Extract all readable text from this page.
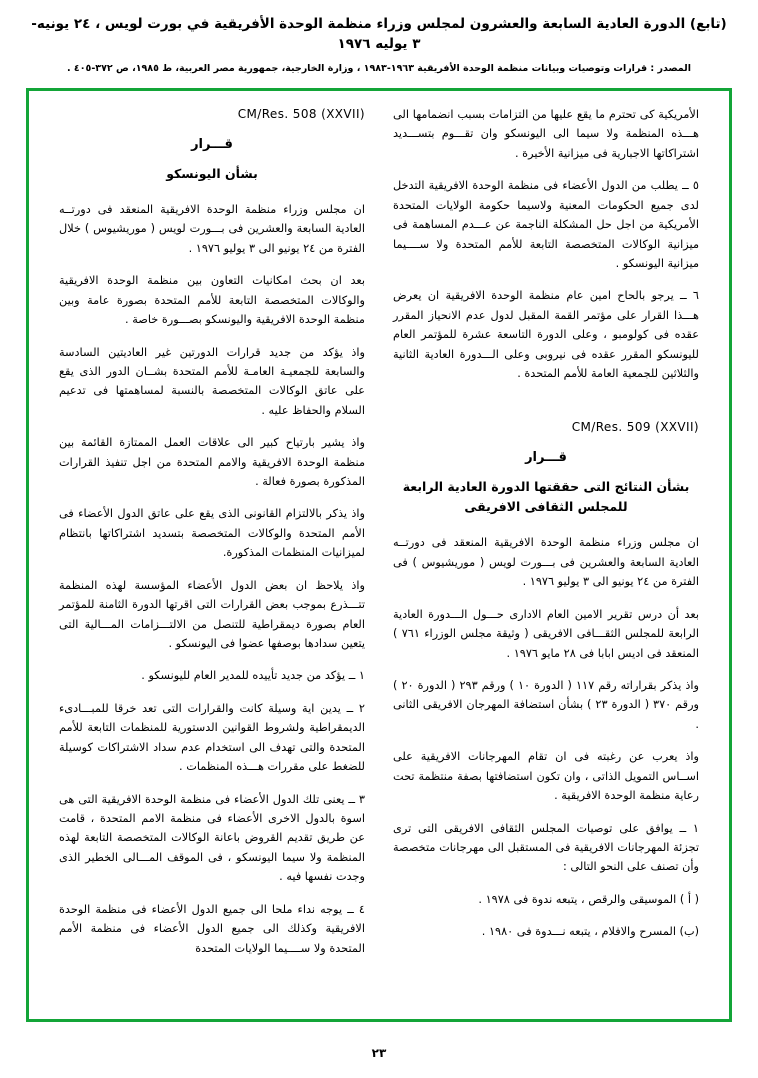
(تابع) الدورة العادية السابعة والعشرون لمجلس وزراء منظمة الوحدة الأفريقية في بورت لويس ، ٢٤ يونيه- ٣ يوليه ١٩٧٦
المصدر : قرارات وتوصيات وبيانات منظمة الوحدة الأفريقية ١٩٦٣-١٩٨٣ ، وزارة الخارجية، جمهورية مصر العربية، ط ١٩٨٥، ص ٣٧٢-٤٠٥ .

الأمريكية كى تحترم ما يقع عليها من التزامات بسبب انضمامها الى هـــذه المنظمة ولا سيما الى اليونسكو وان تقـــوم بتســـديد اشتراكاتها الاجبارية فى ميزانية الأخيرة .

٥ ــ يطلب من الدول الأعضاء فى منظمة الوحدة الافريقية التدخل لدى جميع الحكومات المعنية ولاسيما حكومة الولايات المتحدة الأمريكية من اجل حل المشكلة الناجمة عن عـــدم المساهمة فى ميزانية الوكالات المتخصصة التابعة للأمم المتحدة ولا ســــيما ميزانية اليونسكو .

٦ ــ يرجو بالحاح امين عام منظمة الوحدة الافريقية ان يعرض هـــذا القرار على مؤتمر القمة المقبل لدول عدم الانحياز المقرر عقده فى كولومبو ، وعلى الدورة التاسعة عشرة للمؤتمر العام لليونسكو المقرر عقده فى نيروبى وعلى الـــدورة العادية الثانية والثلاثين للجمعية العامة للأمم المتحدة .

CM/Res. 509 (XXVII)
قـــرار
بشأن النتائج التى حققتها الدورة العادية الرابعة للمجلس الثقافى الافريقى

ان مجلس وزراء منظمة الوحدة الافريقية المنعقد فى دورتــه العادية السابعة والعشرين فى بـــورت لويس ( موريشيوس ) فى الفترة من ٢٤ يونيو الى ٣ يوليو ١٩٧٦ .

بعد أن درس تقرير الامين العام الادارى حـــول الـــدورة العادية الرابعة للمجلس الثقـــافى الافريقى ( وثيقة مجلس الوزراء ٧٦١ ) المنعقد فى اديس ابابا فى ٢٨ مايو ١٩٧٦ .

واذ يذكر بقراراته رقم ١١٧ ( الدورة ١٠ ) ورقم ٢٩٣ ( الدورة ٢٠ ) ورقم ٣٧٠ ( الدورة ٢٣ ) بشأن استضافة المهرجان الافريقى الثانى .

واذ يعرب عن رغبته فى ان تقام المهرجانات الافريقية على اســاس التمويل الذاتى ، وان تكون استضافتها بصفة منتظمة تحت رعاية منظمة الوحدة الافريقية .

١ ــ يوافق على توصيات المجلس الثقافى الافريقى التى ترى تجزئة المهرجانات الافريقية فى المستقبل الى مهرجانات متخصصة وأن تصنف على النحو التالى :

( أ ) الموسيقى والرقص ، يتبعه ندوة فى ١٩٧٨ .

(ب) المسرح والافلام ، يتبعه نـــدوة فى ١٩٨٠ .

CM/Res. 508 (XXVII)
قـــرار
بشأن اليونسكو

ان مجلس وزراء منظمة الوحدة الافريقية المنعقد فى دورتــه العادية السابعة والعشرين فى بـــورت لويس ( موريشيوس ) خلال الفترة من ٢٤ يونيو الى ٣ يوليو ١٩٧٦ .

بعد ان بحث امكانيات التعاون بين منظمة الوحدة الافريقية والوكالات المتخصصة التابعة للأمم المتحدة بصورة عامة وبين منظمة الوحدة الافريقية واليونسكو بصـــورة خاصة .

واذ يؤكد من جديد قرارات الدورتين غير العاديتين السادسة والسابعة للجمعيـة العامـة للأمم المتحدة بشــان الدور الذى يقع على عاتق الوكالات المتخصصة بالنسبة لمساهمتها فى تدعيم السلام والحفاظ عليه .

واذ يشير بارتياح كبير الى علاقات العمل الممتازة القائمة بين منظمة الوحدة الافريقية والامم المتحدة من اجل تنفيذ القرارات المذكورة بصورة فعالة .

واذ يذكر بالالتزام القانونى الذى يقع على عاتق الدول الأعضاء فى الأمم المتحدة والوكالات المتخصصة بتسديد اشتراكاتها بانتظام لميزانيات المنظمات المذكورة.

واذ يلاحظ ان بعض الدول الأعضاء المؤسسة لهذه المنظمة تتـــذرع بموجب بعض القرارات التى اقرتها الدورة الثامنة للمؤتمر العام بصورة ديمقراطية للتنصل من الالتـــزامات المـــالية التى يتعين سدادها بوصفها عضوا فى اليونسكو .

١ ــ يؤكد من جديد تأييده للمدير العام لليونسكو .

٢ ــ يدين اية وسيلة كانت والقرارات التى تعد خرقا للمبـــادىء الديمقراطية ولشروط القوانين الدستورية للمنظمات التابعة للأمم المتحدة والتى تهدف الى استخدام عدم سداد الاشتراكات كوسيلة للضغط على مقررات هـــذه المنظمات .

٣ ــ يعنى تلك الدول الأعضاء فى منظمة الوحدة الافريقية التى هى اسوة بالدول الاخرى الأعضاء فى منظمة الامم المتحدة ، قامت عن طريق تقديم القروض باعانة الوكالات المتخصصة التابعة لهذه المنظمة ولا سيما اليونسكو ، فى الموقف المـــالى الخطير الذى وجدت نفسها فيه .

٤ ــ يوجه نداء ملحا الى جميع الدول الأعضاء فى منظمة الوحدة الافريقية وكذلك الى جميع الدول الأعضاء فى منظمة الأمم المتحدة ولا ســــيما الولايات المتحدة

٢٣
